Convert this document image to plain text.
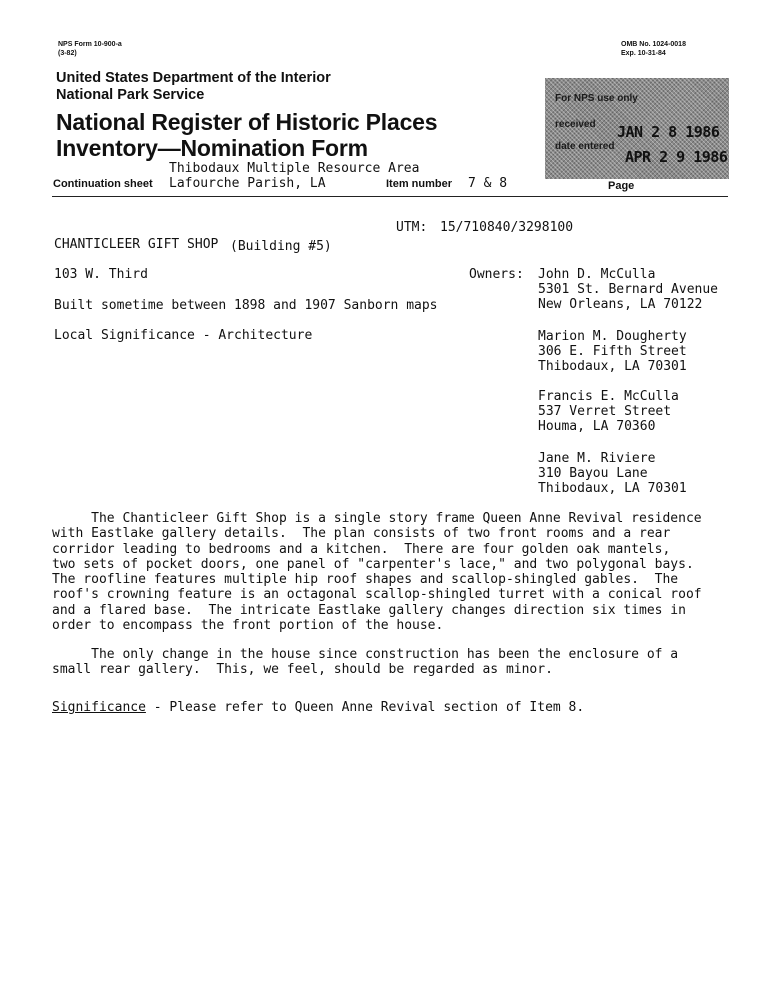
NPS Form 10-900-a
(3-82)
OMB No. 1024-0018
Exp. 10-31-84
United States Department of the Interior
National Park Service
National Register of Historic Places
Inventory—Nomination Form
For NPS use only
received JAN 2 8 1986
date entered
APR 2 9 1986
Thibodaux Multiple Resource Area
Continuation sheet Lafourche Parish, LA	Item number 7 & 8	Page
UTM: 15/710840/3298100
CHANTICLEER GIFT SHOP (Building #5)
103 W. Third
Built sometime between 1898 and 1907 Sanborn maps
Local Significance - Architecture
Owners: John D. McCulla
5301 St. Bernard Avenue
New Orleans, LA 70122
Marion M. Dougherty
306 E. Fifth Street
Thibodaux, LA 70301
Francis E. McCulla
537 Verret Street
Houma, LA 70360
Jane M. Riviere
310 Bayou Lane
Thibodaux, LA 70301
The Chanticleer Gift Shop is a single story frame Queen Anne Revival residence
with Eastlake gallery details.  The plan consists of two front rooms and a rear
corridor leading to bedrooms and a kitchen.  There are four golden oak mantels,
two sets of pocket doors, one panel of "carpenter's lace," and two polygonal bays.
The roofline features multiple hip roof shapes and scallop-shingled gables.  The
roof's crowning feature is an octagonal scallop-shingled turret with a conical roof
and a flared base.  The intricate Eastlake gallery changes direction six times in
order to encompass the front portion of the house.
The only change in the house since construction has been the enclosure of a
small rear gallery.  This, we feel, should be regarded as minor.
Significance - Please refer to Queen Anne Revival section of Item 8.
